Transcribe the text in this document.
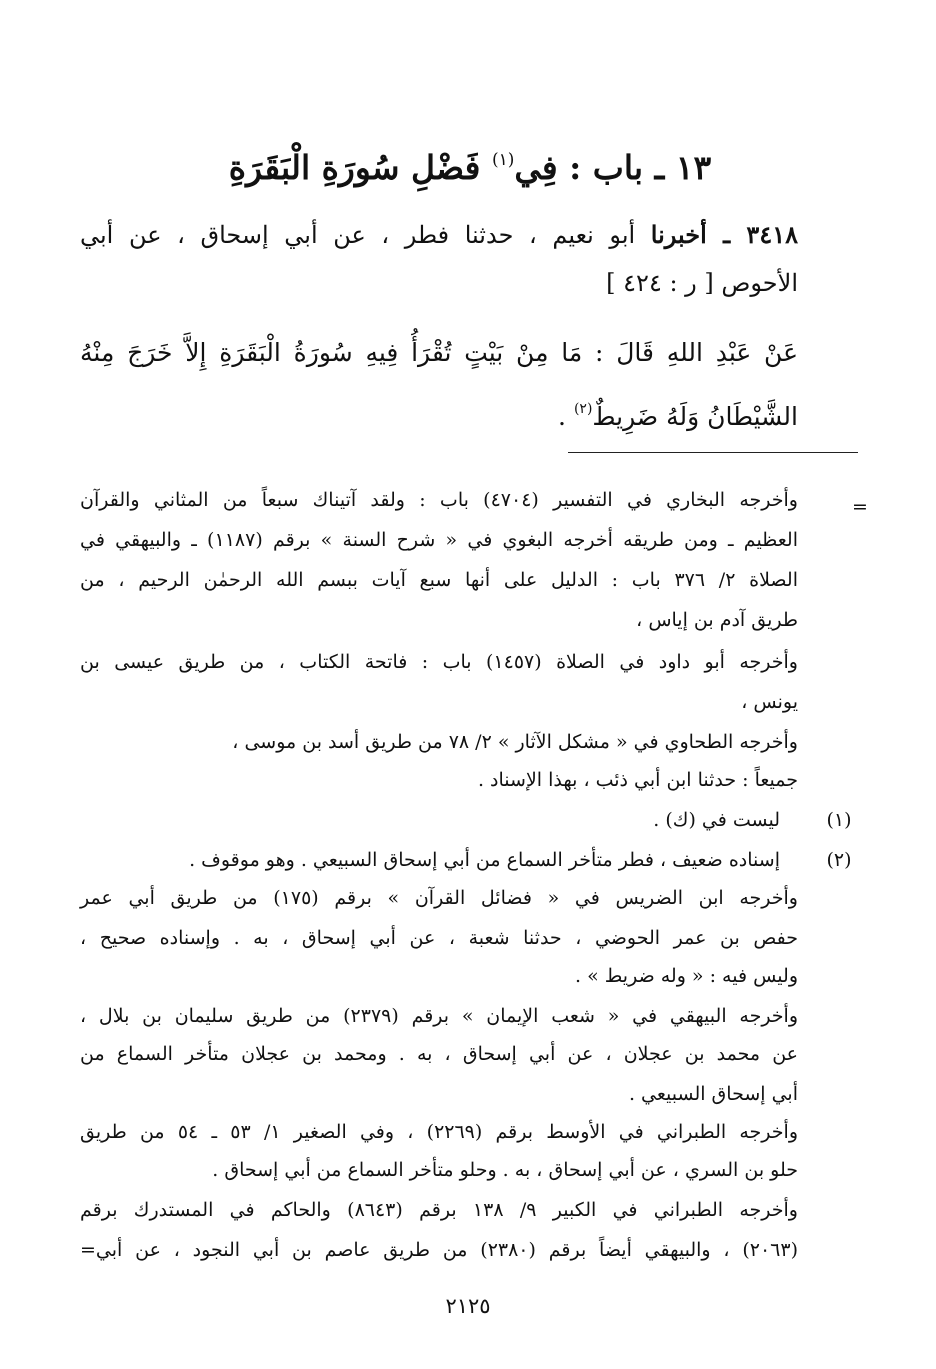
١٣ ـ باب : فِي$^{(١)}$ فَضْلِ سُورَةِ الْبَقَرَةِ
٣٤١٨ ـ أخبرنا أبو نعيم ، حدثنا فطر ، عن أبي إسحاق ، عن أبي
الأحوص [ ر : ٤٢٤ ]
عَنْ عَبْدِ اللهِ قَالَ : مَا مِنْ بَيْتٍ تُقْرَأُ فِيهِ سُورَةُ الْبَقَرَةِ إِلاَّ خَرَجَ مِنْهُ
الشَّيْطَانُ وَلَهُ ضَرِيطٌ$^{(٢)}$ .
=
وأخرجه البخاري في التفسير (٤٧٠٤) باب : ولقد آتيناك سبعاً من المثاني والقرآن
العظيم ـ ومن طريقه أخرجه البغوي في « شرح السنة » برقم (١١٨٧) ـ والبيهقي في
الصلاة ٢/ ٣٧٦ باب : الدليل على أنها سبع آيات ببسم الله الرحمٰن الرحيم ، من
طريق آدم بن إياس ،
وأخرجه أبو داود في الصلاة (١٤٥٧) باب : فاتحة الكتاب ، من طريق عيسى بن
يونس ،
وأخرجه الطحاوي في « مشكل الآثار » ٢/ ٧٨ من طريق أسد بن موسى ،
جميعاً : حدثنا ابن أبي ذئب ، بهذا الإسناد .
(١)
ليست في (ك) .
(٢)
إسناده ضعيف ، فطر متأخر السماع من أبي إسحاق السبيعي . وهو موقوف .
وأخرجه ابن الضريس في « فضائل القرآن » برقم (١٧٥) من طريق أبي عمر
حفص بن عمر الحوضي ، حدثنا شعبة ، عن أبي إسحاق ، به . وإسناده صحيح ،
وليس فيه : « وله ضريط » .
وأخرجه البيهقي في « شعب الإيمان » برقم (٢٣٧٩) من طريق سليمان بن بلال ،
عن محمد بن عجلان ، عن أبي إسحاق ، به . ومحمد بن عجلان متأخر السماع من
أبي إسحاق السبيعي .
وأخرجه الطبراني في الأوسط برقم (٢٢٦٩) ، وفي الصغير ١/ ٥٣ ـ ٥٤ من طريق
حلو بن السري ، عن أبي إسحاق ، به . وحلو متأخر السماع من أبي إسحاق .
وأخرجه الطبراني في الكبير ٩/ ١٣٨ برقم (٨٦٤٣) والحاكم في المستدرك برقم
(٢٠٦٣) ، والبيهقي أيضاً برقم (٢٣٨٠) من طريق عاصم بن أبي النجود ، عن أبي=
٢١٢٥
